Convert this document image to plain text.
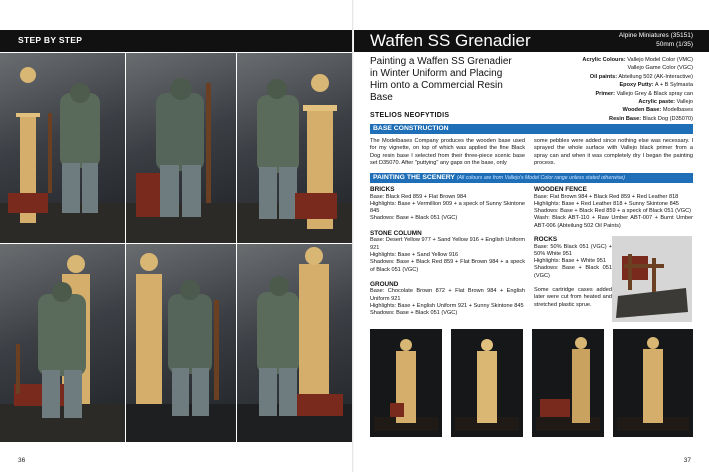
STEP BY STEP
36
Waffen SS Grenadier	Alpine Miniatures (35151)
50mm (1/35)
Painting a Waffen SS Grenadier in Winter Uniform and Placing Him onto a Commercial Resin Base
Acrylic Colours: Vallejo Model Color (VMC)
Vallejo Game Color (VGC)
Oil paints: Abteilung 502 (AK-Interactive)
Epoxy Putty: A + B Sylmasta
Primer: Vallejo Grey & Black spray can
Acrylic paste: Vallejo
Wooden Base: Modelbases
Resin Base: Black Dog (D35070)
STELIOS NEOFYTIDIS
BASE CONSTRUCTION

The Modelbases Company produces the wooden base used for my vignette, on top of which was applied the fine Black Dog resin base I selected from their three-piece scenic base set D35070. After "puttying" any gaps on the base, only

some pebbles were added since nothing else was necessary. I sprayed the whole surface with Vallejo black primer from a spray can and when it was completely dry I began the painting process.

PAINTING THE SCENERY (All colours are from Vallejo's Model Color range unless stated otherwise)
BRICKS

Base: Black Red 859 + Flat Brown 984

Highlights: Base + Vermillion 909 + a speck of Sunny Skintone 845

Shadows: Base + Black 051 (VGC)

STONE COLUMN

Base: Desert Yellow 977 + Sand Yellow 916 + English Uniform 921

Highlights: Base + Sand Yellow 916

Shadows: Base + Black Red 859 + Flat Brown 984 + a speck of Black 051 (VGC)

GROUND

Base: Chocolate Brown 872 + Flat Brown 984 + English Uniform 921

Highlights: Base + English Uniform 921 + Sunny Skintone 845

Shadows: Base + Black 051 (VGC)

WOODEN FENCE

Base: Flat Brown 984 + Black Red 859 + Red Leather 818

Highlights: Base + Red Leather 818 + Sunny Skintone 845

Shadows: Base + Black Red 859 + a speck of Black 051 (VGC)

Wash: Black ABT-110 + Raw Umber ABT-007 + Burnt Umber ABT-006 (Abteilung 502 Oil Paints)

ROCKS

Base: 50% Black 051 (VGC) + 50% White 951

Highlights: Base + White 951

Shadows: Base + Black 051 (VGC)

Some cartridge cases added later were cut from heated and stretched plastic sprue.

37
